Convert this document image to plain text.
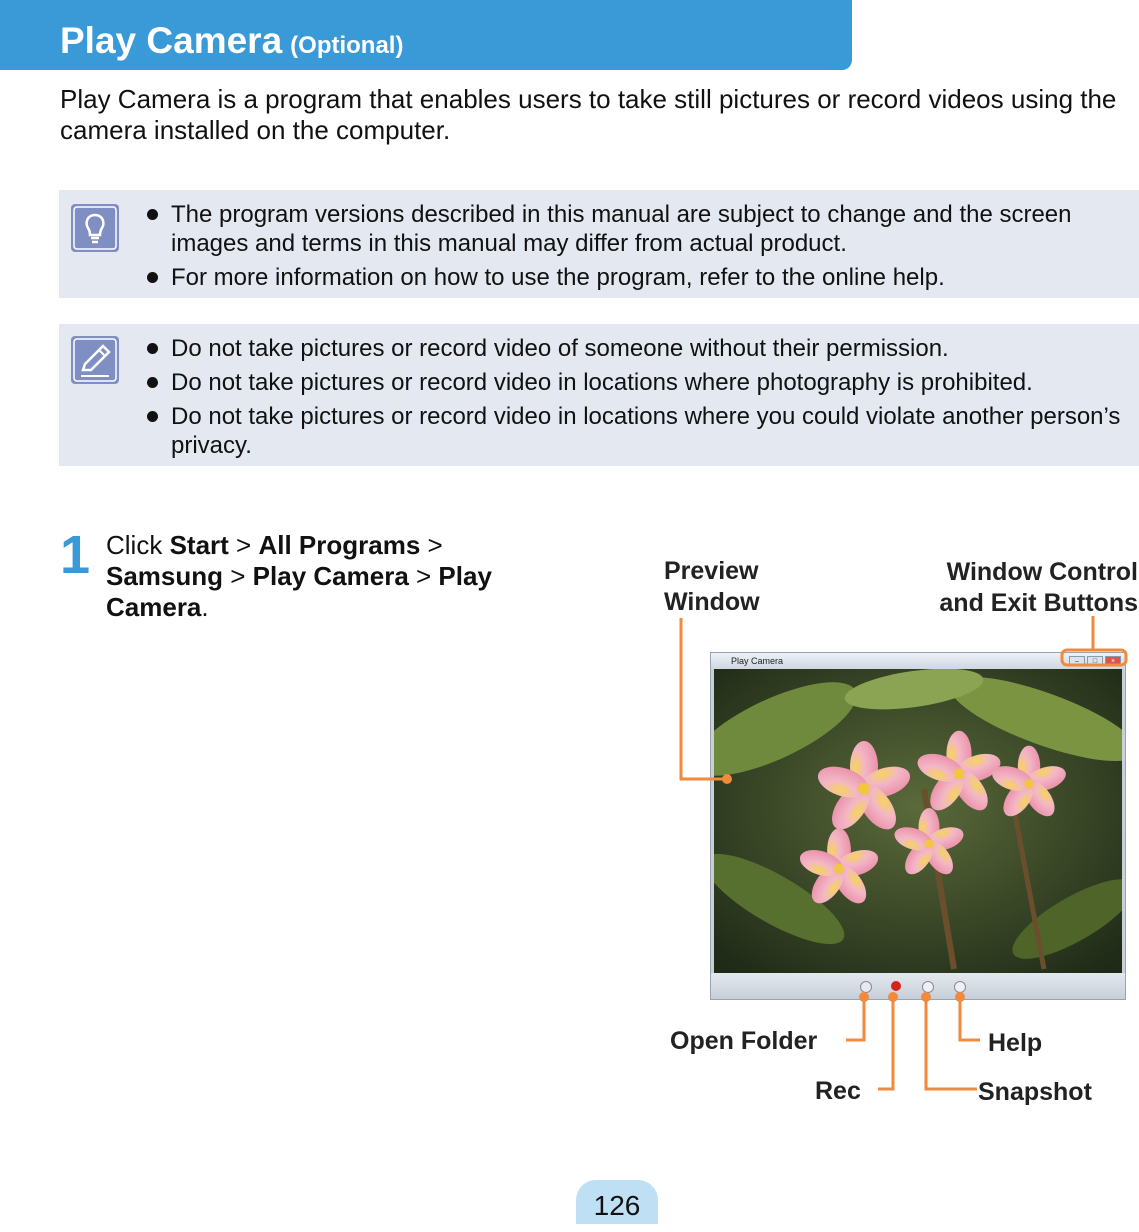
Play Camera (Optional)
Play Camera is a program that enables users to take still pictures or record videos using the camera installed on the computer.
The program versions described in this manual are subject to change and the screen images and terms in this manual may differ from actual product.
For more information on how to use the program, refer to the online help.
Do not take pictures or record video of someone without their permission.
Do not take pictures or record video in locations where photography is prohibited.
Do not take pictures or record video in locations where you could violate another person’s privacy.
1 Click Start > All Programs > Samsung > Play Camera > Play Camera.
Preview
Window
Window Control
and Exit Buttons
Open Folder	Help
Rec	Snapshot
Play Camera	–	□	×
126
